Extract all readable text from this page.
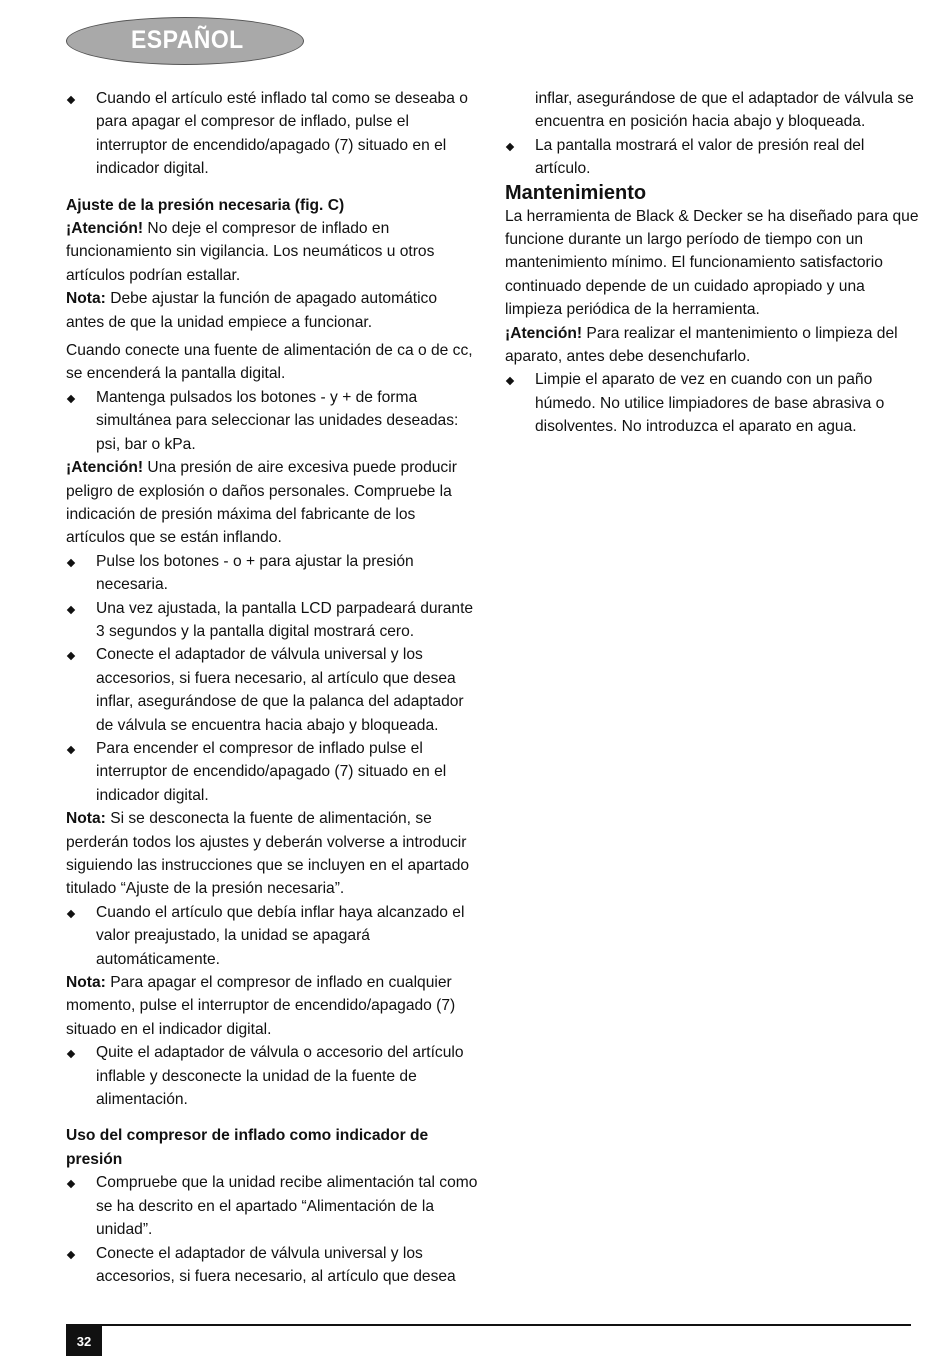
ESPAÑOL
Cuando el artículo esté inflado tal como se deseaba o para apagar el compresor de inflado, pulse el interruptor de encendido/apagado (7) situado en el indicador digital.

Ajuste de la presión necesaria (fig. C)

¡Atención! No deje el compresor de inflado en funcionamiento sin vigilancia. Los neumáticos u otros artículos podrían estallar.

Nota: Debe ajustar la función de apagado automático antes de que la unidad empiece a funcionar.

Cuando conecte una fuente de alimentación de ca o de cc, se encenderá la pantalla digital.

Mantenga pulsados los botones - y + de forma simultánea para seleccionar las unidades deseadas: psi, bar o kPa.

¡Atención! Una presión de aire excesiva puede producir peligro de explosión o daños personales. Compruebe la indicación de presión máxima del fabricante de los artículos que se están inflando.

Pulse los botones - o + para ajustar la presión necesaria.
Una vez ajustada, la pantalla LCD parpadeará durante 3 segundos y la pantalla digital mostrará cero.
Conecte el adaptador de válvula universal y los accesorios, si fuera necesario, al artículo que desea inflar, asegurándose de que la palanca del adaptador de válvula se encuentra hacia abajo y bloqueada.
Para encender el compresor de inflado pulse el interruptor de encendido/apagado (7) situado en el indicador digital.

Nota: Si se desconecta la fuente de alimentación, se perderán todos los ajustes y deberán volverse a introducir siguiendo las instrucciones que se incluyen en el apartado titulado “Ajuste de la presión necesaria”.

Cuando el artículo que debía inflar haya alcanzado el valor preajustado, la unidad se apagará automáticamente.

Nota: Para apagar el compresor de inflado en cualquier momento, pulse el interruptor de encendido/apagado (7) situado en el indicador digital.

Quite el adaptador de válvula o accesorio del artículo inflable y desconecte la unidad de la fuente de alimentación.

Uso del compresor de inflado como indicador de presión

Compruebe que la unidad recibe alimentación tal como se ha descrito en el apartado “Alimentación de la unidad”.
Conecte el adaptador de válvula universal y los accesorios, si fuera necesario, al artículo que desea

inflar, asegurándose de que el adaptador de válvula se encuentra en posición hacia abajo y bloqueada.

La pantalla mostrará el valor de presión real del artículo.

Mantenimiento

La herramienta de Black & Decker se ha diseñado para que funcione durante un largo período de tiempo con un mantenimiento mínimo. El funcionamiento satisfactorio continuado depende de un cuidado apropiado y una limpieza periódica de la herramienta.

¡Atención! Para realizar el mantenimiento o limpieza del aparato, antes debe desenchufarlo.

Limpie el aparato de vez en cuando con un paño húmedo. No utilice limpiadores de base abrasiva o disolventes. No introduzca el aparato en agua.
32
